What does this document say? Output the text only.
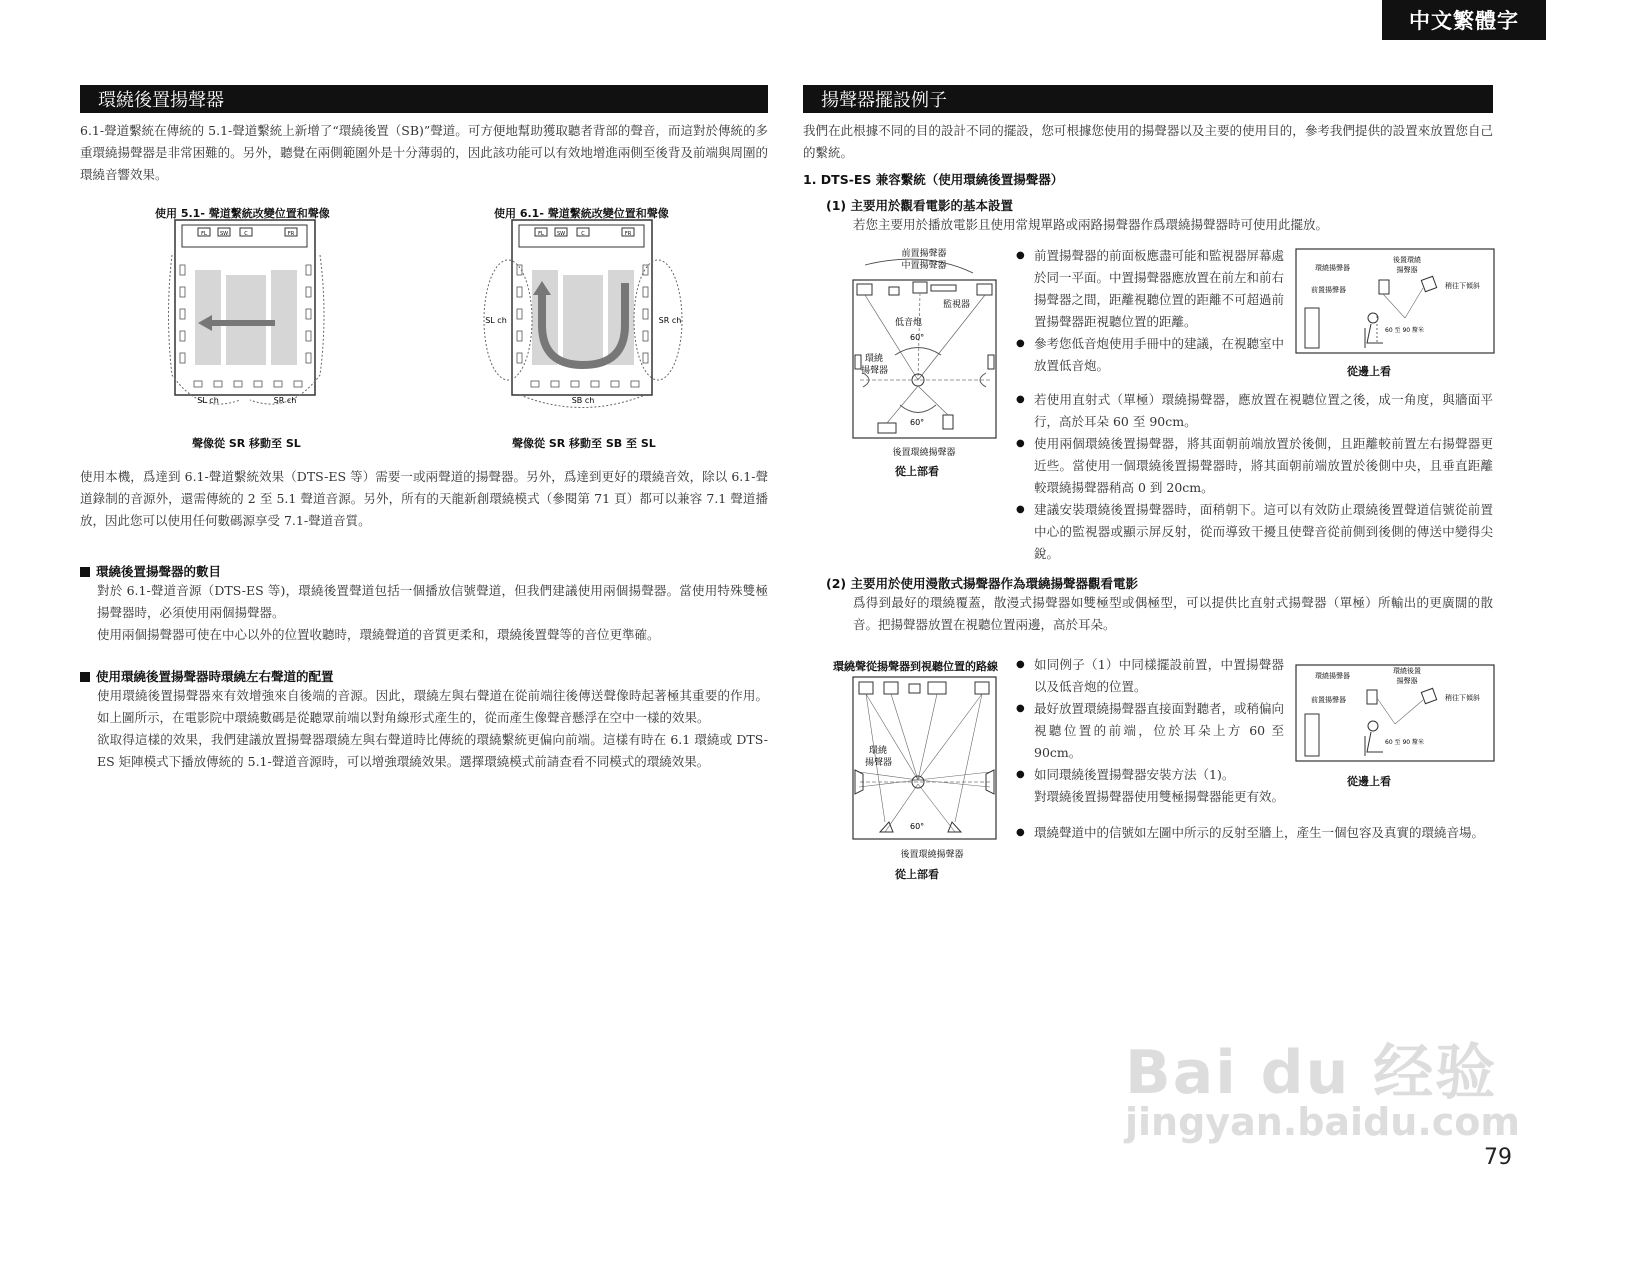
中文繁體字
環繞後置揚聲器
6.1-聲道繫統在傳統的 5.1-聲道繫統上新增了“環繞後置（SB)”聲道。可方便地幫助獲取聽者背部的聲音，而這對於傳統的多重環繞揚聲器是非常困難的。另外，聽覺在兩側範圍外是十分薄弱的，因此該功能可以有效地增進兩側至後背及前端與周圍的環繞音響效果。
使用 5.1- 聲道繫統改變位置和聲像
FL	SW	C	FR
SL ch	SR ch
聲像從 SR 移動至 SL
使用 6.1- 聲道繫統改變位置和聲像
FL	SW	C	FR
SL ch	SR ch
SB ch
聲像從 SR 移動至 SB 至 SL
使用本機，爲達到 6.1-聲道繫統效果（DTS-ES 等）需要一或兩聲道的揚聲器。另外，爲達到更好的環繞音效，除以 6.1-聲道錄制的音源外，還需傳統的 2 至 5.1 聲道音源。另外，所有的天龍新創環繞模式（參閱第 71 頁）都可以兼容 7.1 聲道播放，因此您可以使用任何數碼源享受 7.1-聲道音質。
環繞後置揚聲器的數目
對於 6.1-聲道音源（DTS-ES 等)，環繞後置聲道包括一個播放信號聲道，但我們建議使用兩個揚聲器。當使用特殊雙極揚聲器時，必須使用兩個揚聲器。
使用兩個揚聲器可使在中心以外的位置收聽時，環繞聲道的音質更柔和，環繞後置聲等的音位更準確。
使用環繞後置揚聲器時環繞左右聲道的配置
使用環繞後置揚聲器來有效增強來自後端的音源。因此，環繞左與右聲道在從前端往後傳送聲像時起著極其重要的作用。如上圖所示，在電影院中環繞數碼是從聽眾前端以對角線形式產生的，從而產生像聲音懸浮在空中一樣的效果。
欲取得這樣的效果，我們建議放置揚聲器環繞左與右聲道時比傳統的環繞繫統更偏向前端。這樣有時在 6.1 環繞或 DTS-ES 矩陣模式下播放傳統的 5.1-聲道音源時，可以增強環繞效果。選擇環繞模式前請查看不同模式的環繞效果。
揚聲器擺設例子
我們在此根據不同的目的設計不同的擺設，您可根據您使用的揚聲器以及主要的使用目的，參考我們提供的設置來放置您自己的繫統。
1. DTS-ES 兼容繫統（使用環繞後置揚聲器）
(1) 主要用於觀看電影的基本設置
若您主要用於播放電影且使用常規單路或兩路揚聲器作爲環繞揚聲器時可使用此擺放。
前置揚聲器
中置揚聲器
監視器
低音炮
60°
環繞
揚聲器
60°
後置環繞揚聲器
從上部看
● 前置揚聲器的前面板應盡可能和監視器屏幕處於同一平面。中置揚聲器應放置在前左和前右揚聲器之間，距離視聽位置的距離不可超過前置揚聲器距視聽位置的距離。
● 參考您低音炮使用手冊中的建議，在視聽室中放置低音炮。
● 若使用直射式（單極）環繞揚聲器，應放置在視聽位置之後，成一角度，與牆面平行，高於耳朵 60 至 90cm。
● 使用兩個環繞後置揚聲器，將其面朝前端放置於後側，且距離較前置左右揚聲器更近些。當使用一個環繞後置揚聲器時，將其面朝前端放置於後側中央，且垂直距離較環繞揚聲器稍高 0 到 20cm。
● 建議安裝環繞後置揚聲器時，面稍朝下。這可以有效防止環繞後置聲道信號從前置中心的監視器或顯示屏反射，從而導致干擾且使聲音從前側到後側的傳送中變得尖銳。
環繞揚聲器
後置環繞
揚聲器
前置揚聲器	稍往下傾斜
60 至 90 釐米
從邊上看
(2) 主要用於使用漫散式揚聲器作為環繞揚聲器觀看電影
爲得到最好的環繞覆蓋，散漫式揚聲器如雙極型或偶極型，可以提供比直射式揚聲器（單極）所輸出的更廣闊的散音。把揚聲器放置在視聽位置兩邊，高於耳朵。
環繞聲從揚聲器到視聽位置的路線
環繞
揚聲器
60°
後置環繞揚聲器
從上部看
● 如同例子（1）中同樣擺設前置，中置揚聲器以及低音炮的位置。
● 最好放置環繞揚聲器直接面對聽者，或稍偏向視聽位置的前端，位於耳朵上方 60 至 90cm。
● 如同環繞後置揚聲器安裝方法（1)。
對環繞後置揚聲器使用雙極揚聲器能更有效。
● 環繞聲道中的信號如左圖中所示的反射至牆上，產生一個包容及真實的環繞音場。
環繞揚聲器
環繞後置
揚聲器
前置揚聲器	稍往下傾斜
60 至 90 釐米
從邊上看
Bai du 经验
jingyan.baidu.com
79
